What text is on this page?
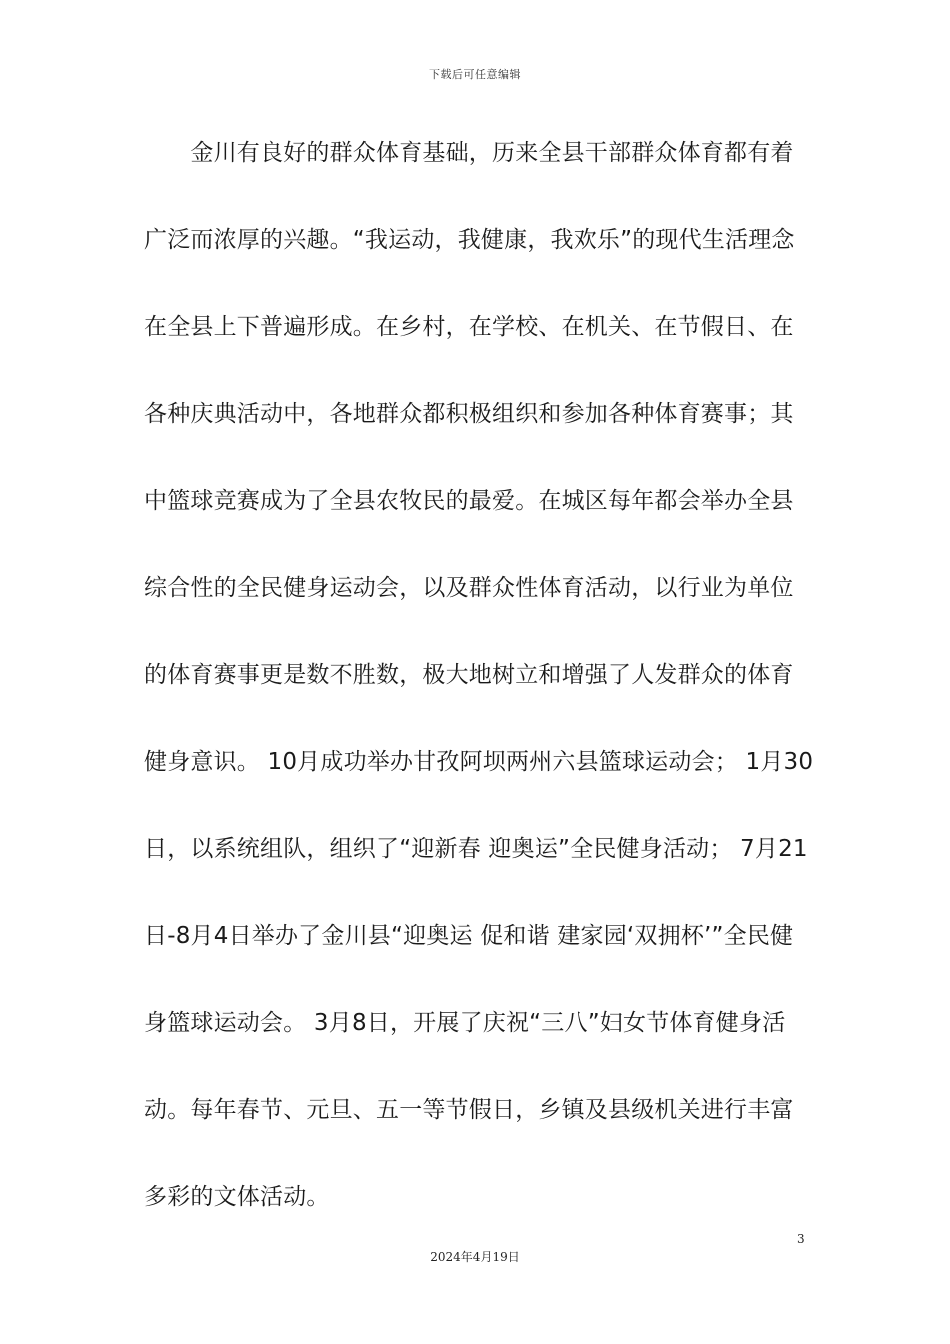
下载后可任意编辑
　　金川有良好的群众体育基础，历来全县干部群众体育都有着
广泛而浓厚的兴趣。“我运动，我健康，我欢乐”的现代生活理念
在全县上下普遍形成。在乡村，在学校、在机关、在节假日、在
各种庆典活动中，各地群众都积极组织和参加各种体育赛事；其
中篮球竞赛成为了全县农牧民的最爱。在城区每年都会举办全县
综合性的全民健身运动会，以及群众性体育活动，以行业为单位
的体育赛事更是数不胜数，极大地树立和增强了人发群众的体育
健身意识。 10月成功举办甘孜阿坝两州六县篮球运动会； 1月30
日，以系统组队，组织了“迎新春 迎奥运”全民健身活动； 7月21
日-8月4日举办了金川县“迎奥运 促和谐 建家园‘双拥杯’”全民健
身篮球运动会。 3月8日，开展了庆祝“三八”妇女节体育健身活
动。每年春节、元旦、五一等节假日，乡镇及县级机关进行丰富
多彩的文体活动。
3
2024年4月19日
